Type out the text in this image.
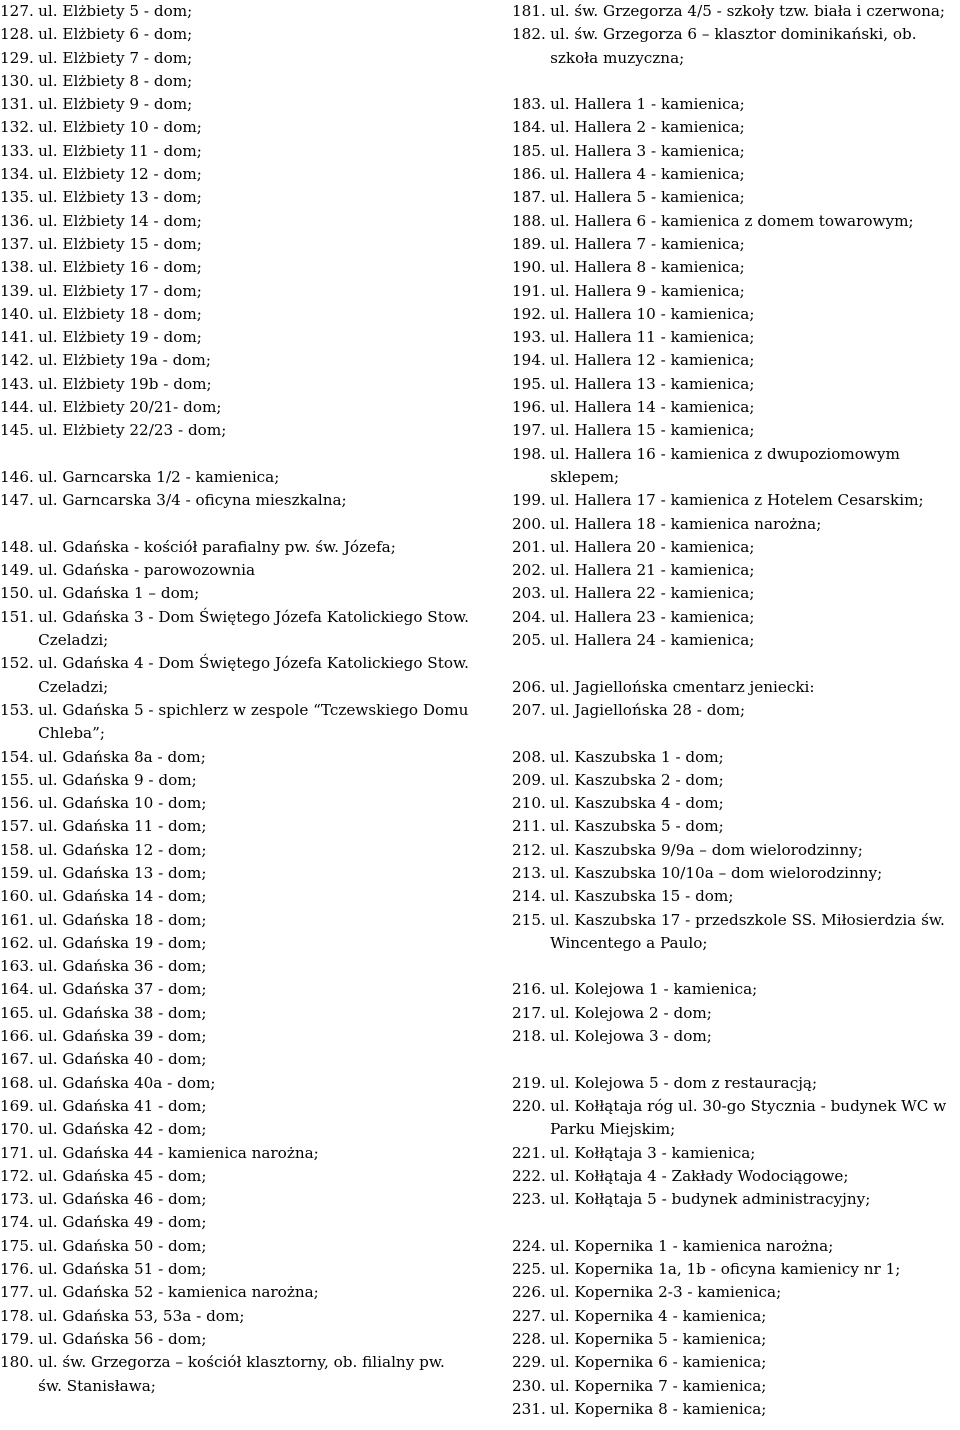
127. ul. Elżbiety 5 - dom;
128. ul. Elżbiety 6 - dom;
129. ul. Elżbiety 7 - dom;
130. ul. Elżbiety 8 - dom;
131. ul. Elżbiety 9 - dom;
132. ul. Elżbiety 10 - dom;
133. ul. Elżbiety 11 - dom;
134. ul. Elżbiety 12 - dom;
135. ul. Elżbiety 13 - dom;
136. ul. Elżbiety 14 - dom;
137. ul. Elżbiety 15 - dom;
138. ul. Elżbiety 16 - dom;
139. ul. Elżbiety 17 - dom;
140. ul. Elżbiety 18 - dom;
141. ul. Elżbiety 19 - dom;
142. ul. Elżbiety 19a - dom;
143. ul. Elżbiety 19b - dom;
144. ul. Elżbiety 20/21- dom;
145. ul. Elżbiety 22/23 - dom;
146. ul. Garncarska 1/2 - kamienica;
147. ul. Garncarska 3/4 - oficyna mieszkalna;
148. ul. Gdańska - kościół parafialny pw. św. Józefa;
149. ul. Gdańska - parowozownia
150. ul. Gdańska 1 – dom;
151. ul. Gdańska 3 - Dom Świętego Józefa Katolickiego Stow. Czeladzi;
152. ul. Gdańska 4 - Dom Świętego Józefa Katolickiego Stow. Czeladzi;
153. ul. Gdańska 5 - spichlerz w zespole “Tczewskiego Domu Chleba”;
154. ul. Gdańska 8a - dom;
155. ul. Gdańska 9 - dom;
156. ul. Gdańska 10 - dom;
157. ul. Gdańska 11 - dom;
158. ul. Gdańska 12 - dom;
159. ul. Gdańska 13 - dom;
160. ul. Gdańska 14 - dom;
161. ul. Gdańska 18 - dom;
162. ul. Gdańska 19 - dom;
163. ul. Gdańska 36 - dom;
164. ul. Gdańska 37 - dom;
165. ul. Gdańska 38 - dom;
166. ul. Gdańska 39 - dom;
167. ul. Gdańska 40 - dom;
168. ul. Gdańska 40a - dom;
169. ul. Gdańska 41 - dom;
170. ul. Gdańska 42 - dom;
171. ul. Gdańska 44 - kamienica narożna;
172. ul. Gdańska 45 - dom;
173. ul. Gdańska 46 - dom;
174. ul. Gdańska 49 - dom;
175. ul. Gdańska 50 - dom;
176. ul. Gdańska 51 - dom;
177. ul. Gdańska 52 - kamienica narożna;
178. ul. Gdańska 53, 53a - dom;
179. ul. Gdańska 56 - dom;
180. ul. św. Grzegorza – kościół klasztorny, ob. filialny pw. św. Stanisława;
181. ul. św. Grzegorza 4/5 - szkoły tzw. biała i czerwona;
182. ul. św. Grzegorza 6 – klasztor dominikański, ob. szkoła muzyczna;
183. ul. Hallera 1 - kamienica;
184. ul. Hallera 2 - kamienica;
185. ul. Hallera 3 - kamienica;
186. ul. Hallera 4 - kamienica;
187. ul. Hallera 5 - kamienica;
188. ul. Hallera 6 - kamienica z domem towarowym;
189. ul. Hallera 7 - kamienica;
190. ul. Hallera 8 - kamienica;
191. ul. Hallera 9 - kamienica;
192. ul. Hallera 10 - kamienica;
193. ul. Hallera 11 - kamienica;
194. ul. Hallera 12 - kamienica;
195. ul. Hallera 13 - kamienica;
196. ul. Hallera 14 - kamienica;
197. ul. Hallera 15 - kamienica;
198. ul. Hallera 16 - kamienica z dwupoziomowym sklepem;
199. ul. Hallera 17 - kamienica z Hotelem Cesarskim;
200. ul. Hallera 18 - kamienica narożna;
201. ul. Hallera 20 - kamienica;
202. ul. Hallera 21 - kamienica;
203. ul. Hallera 22 - kamienica;
204. ul. Hallera 23 - kamienica;
205. ul. Hallera 24 - kamienica;
206. ul. Jagiellońska cmentarz jeniecki:
207. ul. Jagiellońska 28 - dom;
208. ul. Kaszubska 1 - dom;
209. ul. Kaszubska 2 - dom;
210. ul. Kaszubska 4 - dom;
211. ul. Kaszubska 5 - dom;
212. ul. Kaszubska 9/9a – dom wielorodzinny;
213. ul. Kaszubska 10/10a – dom wielorodzinny;
214. ul. Kaszubska 15 - dom;
215. ul. Kaszubska 17 - przedszkole SS. Miłosierdzia św. Wincentego a Paulo;
216. ul. Kolejowa 1 - kamienica;
217. ul. Kolejowa 2 - dom;
218. ul. Kolejowa 3 - dom;
219. ul. Kolejowa 5 - dom z restauracją;
220. ul. Kołłątaja róg ul. 30-go Stycznia - budynek WC w Parku Miejskim;
221. ul. Kołłątaja 3 - kamienica;
222. ul. Kołłątaja 4 - Zakłady Wodociągowe;
223. ul. Kołłątaja 5 - budynek administracyjny;
224. ul. Kopernika 1 - kamienica narożna;
225. ul. Kopernika 1a, 1b - oficyna kamienicy nr 1;
226. ul. Kopernika 2-3 - kamienica;
227. ul. Kopernika 4 - kamienica;
228. ul. Kopernika 5 - kamienica;
229. ul. Kopernika 6 - kamienica;
230. ul. Kopernika 7 - kamienica;
231. ul. Kopernika 8 - kamienica;
